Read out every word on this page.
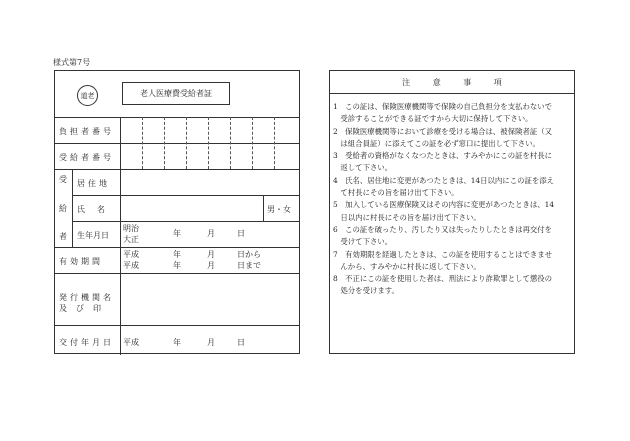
様式第7号
道老	老人医療費受給者証
負担者番号
受給者番号
受
給
者
居住地
氏名	男・女
生年月日
明治
大正
年	月	日
有効期間
平成	年	月	日から
平成	年	月	日まで
発行機関名
及び印
交付年月日 平成	年	月	日
注 意 事 項
1　この証は、保険医療機関等で保険の自己負担分を支払わないで
　受診することができる証ですから大切に保持して下さい。
2　保険医療機関等において診療を受ける場合は、被保険者証（又
　は組合員証）に添えてこの証を必ず窓口に提出して下さい。
3　受給者の資格がなくなつたときは、すみやかにこの証を村長に
　返して下さい。
4　氏名、居住地に変更があつたときは、14日以内にこの証を添え
　て村長にその旨を届け出て下さい。
5　加入している医療保険又はその内容に変更があつたときは、14
　日以内に村長にその旨を届け出て下さい。
6　この証を破ったり、汚したり又は失ったりしたときは再交付を
　受けて下さい。
7　有効期限を経過したときは、この証を使用することはできませ
　んから、すみやかに村長に返して下さい。
8　不正にこの証を使用した者は、刑法により詐欺罪として懲役の
　処分を受けます。
